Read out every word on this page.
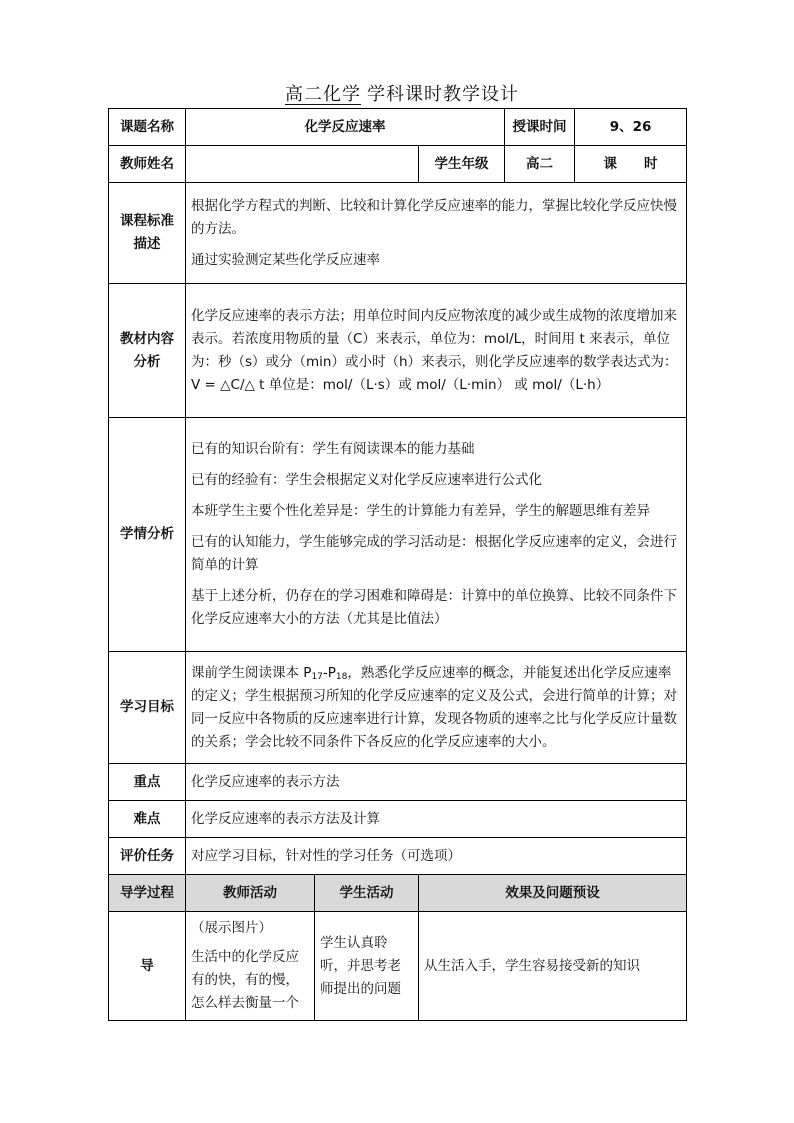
高二化学 学科课时教学设计
课题名称	化学反应速率			授课时间	9、26
教师姓名			学生年级	高二	课　　时
课程标准描述	根据化学方程式的判断、比较和计算化学反应速率的能力，掌握比较化学反应快慢的方法。

通过实验测定某些化学反应速率				

教材内容分析	化学反应速率的表示方法；用单位时间内反应物浓度的减少或生成物的浓度增加来表示。若浓度用物质的量（C）来表示，单位为：mol/L，时间用 t 来表示，单位为：秒（s）或分（min）或小时（h）来表示，则化学反应速率的数学表达式为： V = △C/△ t 单位是：mol/（L·s）或 mol/（L·min） 或 mol/（L·h）				
学情分析	已有的知识台阶有：学生有阅读课本的能力基础

已有的经验有：学生会根据定义对化学反应速率进行公式化

本班学生主要个性化差异是：学生的计算能力有差异，学生的解题思维有差异

已有的认知能力，学生能够完成的学习活动是：根据化学反应速率的定义，会进行简单的计算

基于上述分析，仍存在的学习困难和障碍是：计算中的单位换算、比较不同条件下化学反应速率大小的方法（尤其是比值法）				

学习目标	课前学生阅读课本 $P_{17}-P_{18}$，熟悉化学反应速率的概念，并能复述出化学反应速率的定义；学生根据预习所知的化学反应速率的定义及公式，会进行简单的计算；对同一反应中各物质的反应速率进行计算，发现各物质的速率之比与化学反应计量数的关系；学会比较不同条件下各反应的化学反应速率的大小。				
重点	化学反应速率的表示方法				
难点	化学反应速率的表示方法及计算				
评价任务	对应学习目标，针对性的学习任务（可选项）				
导学过程	教师活动	学生活动	效果及问题预设		
导	（展示图片）

生活中的化学反应有的快，有的慢，怎么样去衡量一个	学生认真聆听，并思考老师提出的问题	从生活入手，学生容易接受新的知识		
